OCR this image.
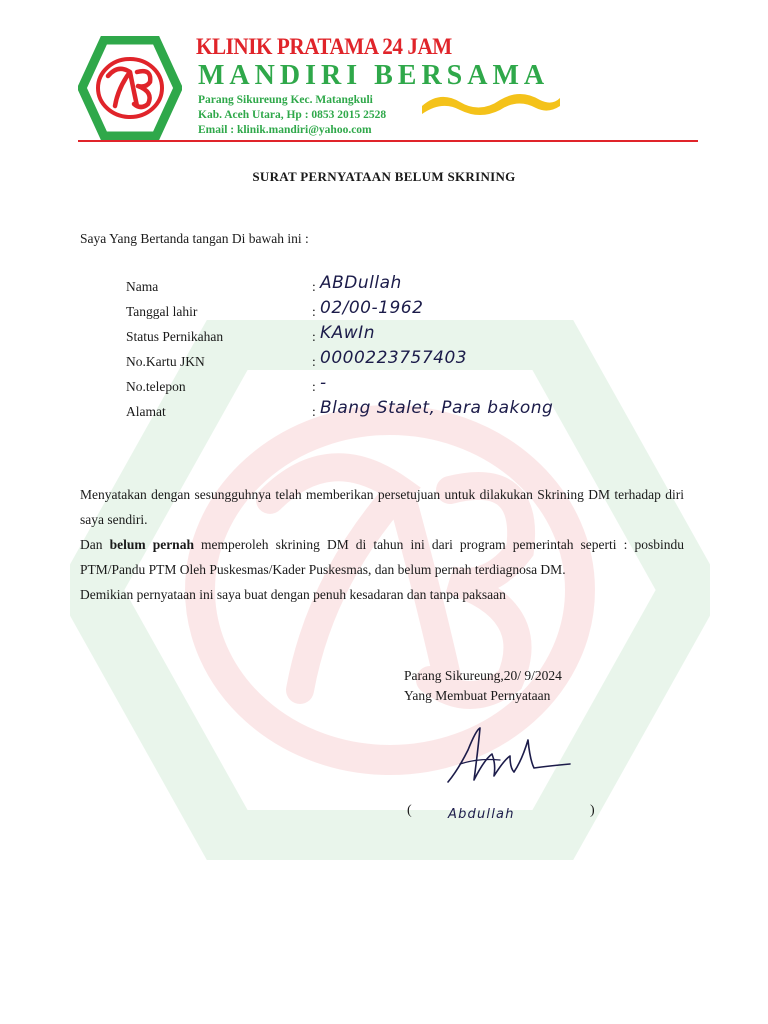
KLINIK PRATAMA 24 JAM
MANDIRI BERSAMA
Parang Sikureung Kec. Matangkuli
Kab. Aceh Utara, Hp : 0853 2015 2528
Email : klinik.mandiri@yahoo.com
SURAT PERNYATAAN BELUM SKRINING
Saya Yang Bertanda tangan Di bawah ini :
Nama	: ABDullah
Tanggal lahir	: 02/00-1962
Status Pernikahan	: KAwIn
No.Kartu JKN	: 0000223757403
No.telepon	: -
Alamat	: Blang Stalet, Para bakong

Menyatakan dengan sesungguhnya telah memberikan persetujuan untuk dilakukan Skrining DM terhadap diri saya sendiri.

Dan belum pernah memperoleh skrining DM di tahun ini dari program pemerintah seperti : posbindu PTM/Pandu PTM Oleh Puskesmas/Kader Puskesmas, dan belum pernah terdiagnosa DM.

Demikian pernyataan ini saya buat dengan penuh kesadaran dan tanpa paksaan

Parang Sikureung,20/ 9/2024
Yang Membuat Pernyataan
(	Abdullah	)
